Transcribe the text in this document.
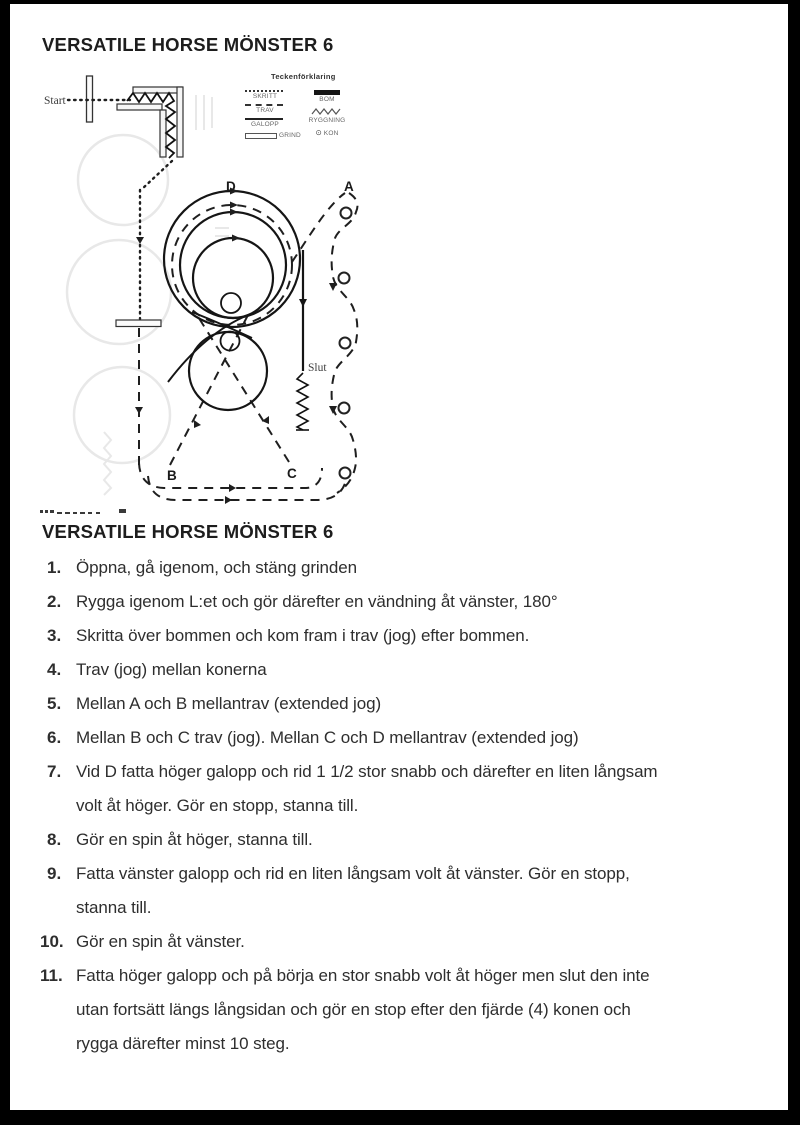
VERSATILE HORSE MÖNSTER 6
Start
Slut
D	A
B	C
Teckenförklaring
SKRITT
TRAV
GALOPP
GRIND
BOM
RYGGNING
⊙ KON
VERSATILE HORSE MÖNSTER 6
1. Öppna, gå igenom, och stäng grinden
2. Rygga igenom L:et och gör därefter en vändning åt vänster, 180°
3. Skritta över bommen och kom fram i trav (jog) efter bommen.
4. Trav (jog) mellan konerna
5. Mellan A och B mellantrav (extended jog)
6. Mellan B och C trav (jog). Mellan C och D mellantrav (extended jog)
7. Vid D fatta höger galopp och rid 1 1/2 stor snabb och därefter en liten långsam
volt åt höger. Gör en stopp, stanna till.
8. Gör en spin åt höger, stanna till.
9. Fatta vänster galopp och rid en liten långsam volt åt vänster. Gör en stopp,
stanna till.
10. Gör en spin åt vänster.
11. Fatta höger galopp och på börja en stor snabb volt åt höger men slut den inte
utan fortsätt längs långsidan och gör en stop efter den fjärde (4) konen och
rygga därefter minst 10 steg.
